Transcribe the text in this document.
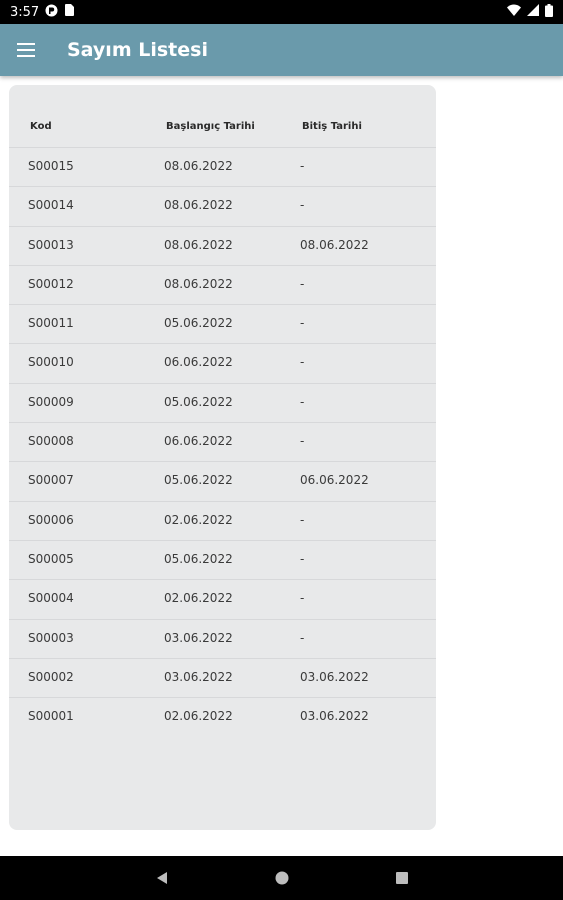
3:57
Sayım Listesi
Kod	Başlangıç Tarihi	Bitiş Tarihi
S00015	08.06.2022	-
S00014	08.06.2022	-
S00013	08.06.2022	08.06.2022
S00012	08.06.2022	-
S00011	05.06.2022	-
S00010	06.06.2022	-
S00009	05.06.2022	-
S00008	06.06.2022	-
S00007	05.06.2022	06.06.2022
S00006	02.06.2022	-
S00005	05.06.2022	-
S00004	02.06.2022	-
S00003	03.06.2022	-
S00002	03.06.2022	03.06.2022
S00001	02.06.2022	03.06.2022
